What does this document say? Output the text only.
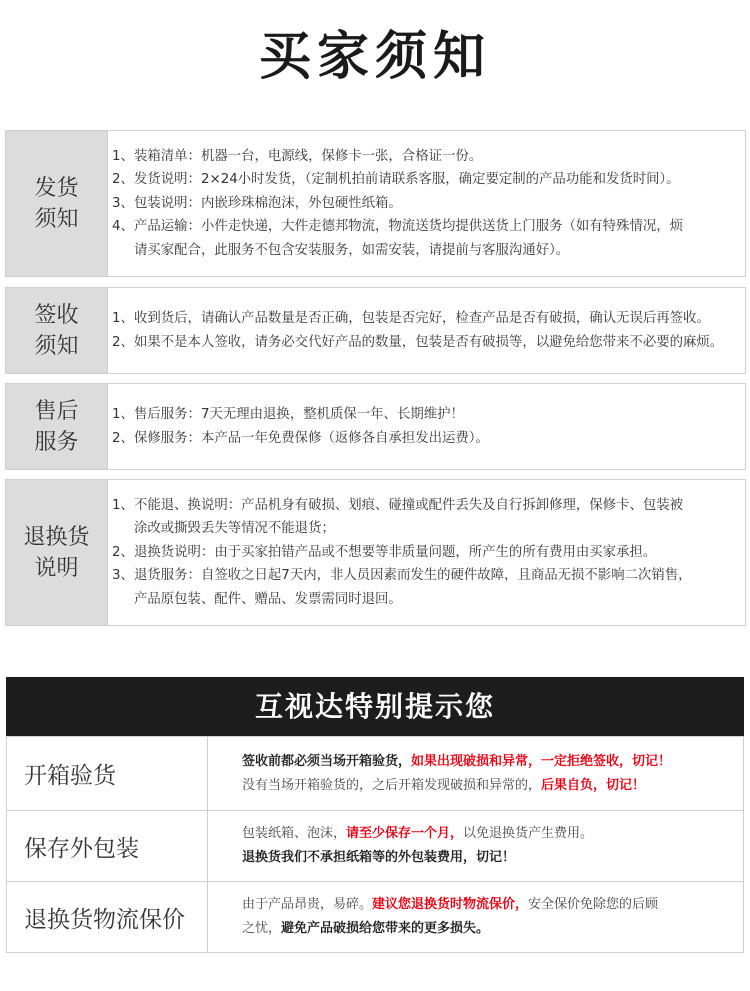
买家须知
发货
须知
1、装箱清单：机器一台，电源线，保修卡一张，合格证一份。
2、发货说明：2×24小时发货，（定制机拍前请联系客服，确定要定制的产品功能和发货时间）。
3、包装说明：内嵌珍珠棉泡沫，外包硬性纸箱。
4、产品运输：小件走快递，大件走德邦物流，物流送货均提供送货上门服务（如有特殊情况，烦
请买家配合，此服务不包含安装服务，如需安装，请提前与客服沟通好）。
签收
须知
1、收到货后，请确认产品数量是否正确，包装是否完好，检查产品是否有破损，确认无误后再签收。
2、如果不是本人签收，请务必交代好产品的数量，包装是否有破损等，以避免给您带来不必要的麻烦。
售后
服务
1、售后服务：7天无理由退换，整机质保一年、长期维护！
2、保修服务：本产品一年免费保修（返修各自承担发出运费）。
退换货
说明
1、不能退、换说明：产品机身有破损、划痕、碰撞或配件丢失及自行拆卸修理，保修卡、包装被
涂改或撕毁丢失等情况不能退货；
2、退换货说明：由于买家拍错产品或不想要等非质量问题，所产生的所有费用由买家承担。
3、退货服务：自签收之日起7天内，非人员因素而发生的硬件故障，且商品无损不影响二次销售，
产品原包装、配件、赠品、发票需同时退回。
互视达特别提示您
开箱验货
签收前都必须当场开箱验货，如果出现破损和异常，一定拒绝签收，切记！
没有当场开箱验货的，之后开箱发现破损和异常的，后果自负，切记！
保存外包装
包装纸箱、泡沫，请至少保存一个月，以免退换货产生费用。
退换货我们不承担纸箱等的外包装费用，切记！
退换货物流保价
由于产品昂贵，易碎。建议您退换货时物流保价，安全保价免除您的后顾
之忧，避免产品破损给您带来的更多损失。
